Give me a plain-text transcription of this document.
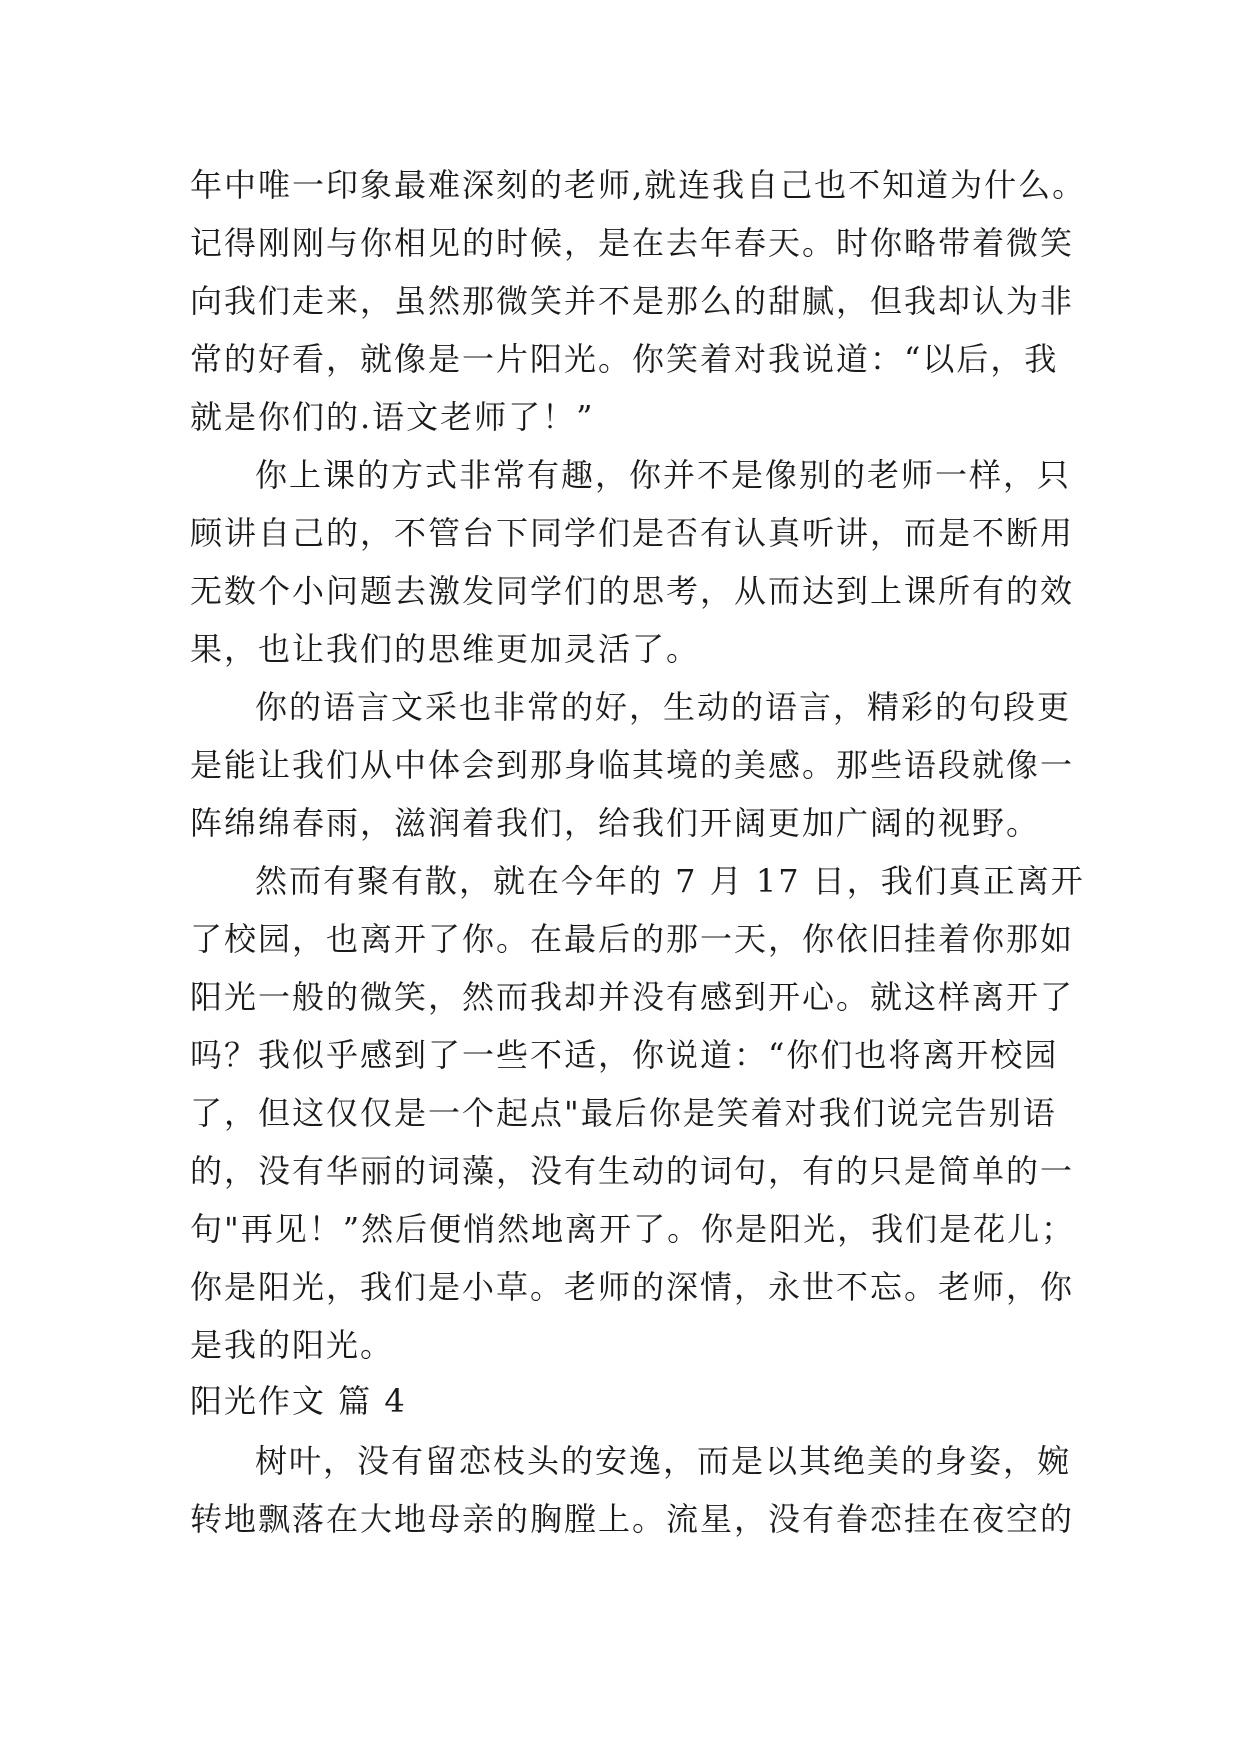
年中唯一印象最难深刻的老师,就连我自己也不知道为什么。
记得刚刚与你相见的时候，是在去年春天。时你略带着微笑
向我们走来，虽然那微笑并不是那么的甜腻，但我却认为非
常的好看，就像是一片阳光。你笑着对我说道：“以后，我
就是你们的.语文老师了！”
你上课的方式非常有趣，你并不是像别的老师一样，只
顾讲自己的，不管台下同学们是否有认真听讲，而是不断用
无数个小问题去激发同学们的思考，从而达到上课所有的效
果，也让我们的思维更加灵活了。
你的语言文采也非常的好，生动的语言，精彩的句段更
是能让我们从中体会到那身临其境的美感。那些语段就像一
阵绵绵春雨，滋润着我们，给我们开阔更加广阔的视野。
然而有聚有散，就在今年的 7 月 17 日，我们真正离开
了校园，也离开了你。在最后的那一天，你依旧挂着你那如
阳光一般的微笑，然而我却并没有感到开心。就这样离开了
吗？我似乎感到了一些不适，你说道：“你们也将离开校园
了，但这仅仅是一个起点"最后你是笑着对我们说完告别语
的，没有华丽的词藻，没有生动的词句，有的只是简单的一
句"再见！”然后便悄然地离开了。你是阳光，我们是花儿；
你是阳光，我们是小草。老师的深情，永世不忘。老师，你
是我的阳光。
阳光作文 篇 4
树叶，没有留恋枝头的安逸，而是以其绝美的身姿，婉
转地飘落在大地母亲的胸膛上。流星，没有眷恋挂在夜空的
